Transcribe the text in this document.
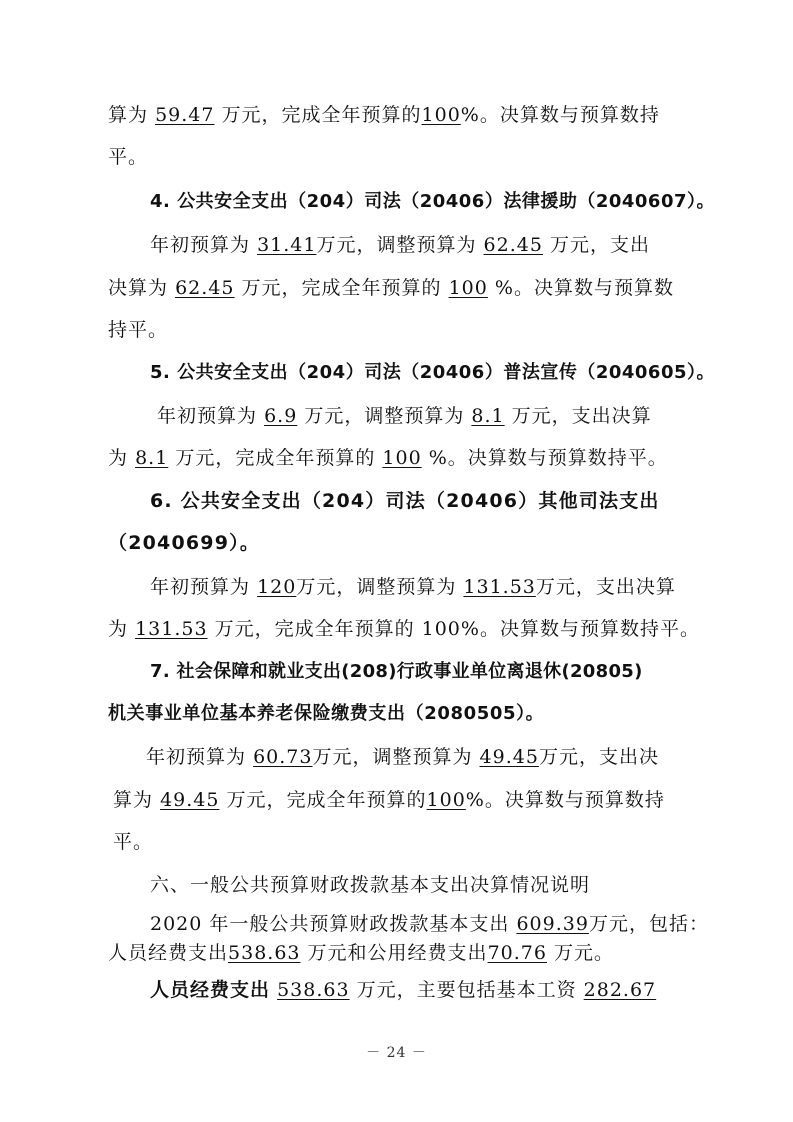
算为 59.47 万元，完成全年预算的100%。决算数与预算数持
平。
4. 公共安全支出（204）司法（20406）法律援助（2040607）。
年初预算为 31.41万元，调整预算为 62.45 万元，支出
决算为 62.45 万元，完成全年预算的 100 %。决算数与预算数
持平。
5. 公共安全支出（204）司法（20406）普法宣传（2040605）。
年初预算为 6.9 万元，调整预算为 8.1 万元，支出决算
为 8.1 万元，完成全年预算的 100 %。决算数与预算数持平。
6. 公共安全支出（204）司法（20406）其他司法支出
（2040699）。
年初预算为 120万元，调整预算为 131.53万元，支出决算
为 131.53 万元，完成全年预算的 100%。决算数与预算数持平。
7. 社会保障和就业支出(208)行政事业单位离退休(20805)
机关事业单位基本养老保险缴费支出（2080505）。
年初预算为 60.73万元，调整预算为 49.45万元，支出决
算为 49.45 万元，完成全年预算的100%。决算数与预算数持
平。
六、一般公共预算财政拨款基本支出决算情况说明
2020 年一般公共预算财政拨款基本支出 609.39万元，包括：
人员经费支出538.63 万元和公用经费支出70.76 万元。
人员经费支出 538.63 万元，主要包括基本工资 282.67
－ 24 －
